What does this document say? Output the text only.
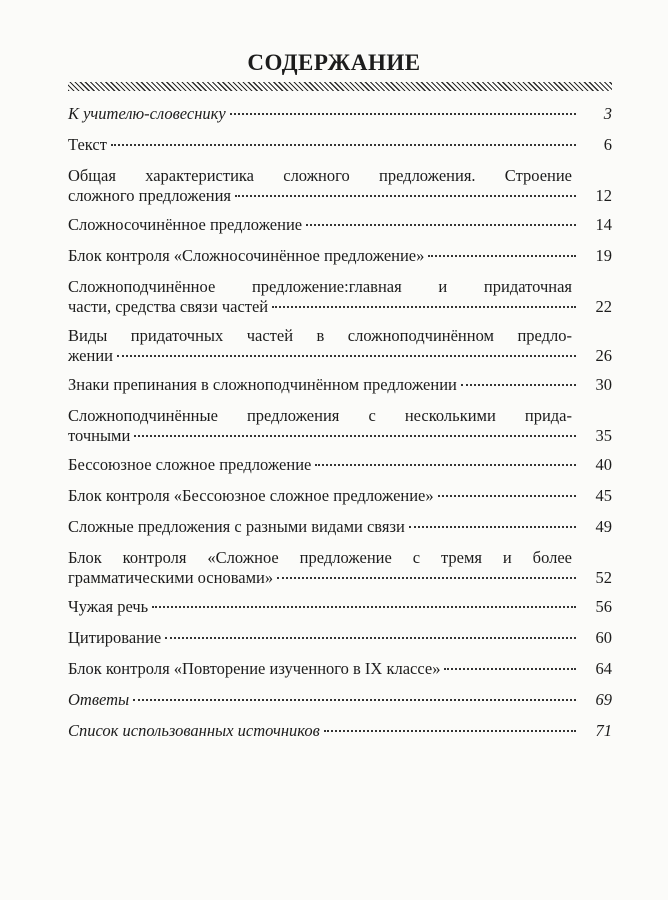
СОДЕРЖАНИЕ
К учителю-словеснику	3
Текст	6
Общая характеристика сложного предложения. Строение
сложного предложения	12
Сложносочинённое предложение	14
Блок контроля «Сложносочинённое предложение»	19
Сложноподчинённое предложение:главная и придаточная
части, средства связи частей	22
Виды придаточных частей в сложноподчинённом предло-
жении	26
Знаки препинания в сложноподчинённом предложении	30
Сложноподчинённые предложения с несколькими прида-
точными	35
Бессоюзное сложное предложение	40
Блок контроля «Бессоюзное сложное предложение»	45
Сложные предложения с разными видами связи	49
Блок контроля «Сложное предложение с тремя и более
грамматическими основами»	52
Чужая речь	56
Цитирование	60
Блок контроля «Повторение изученного в IX классе»	64
Ответы	69
Список использованных источников	71
